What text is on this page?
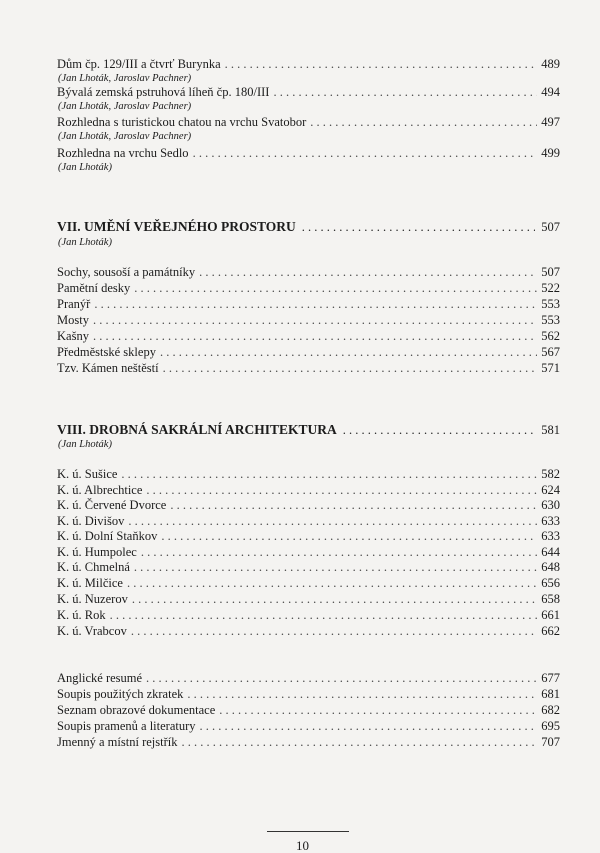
Dům čp. 129/III a čtvrť Burynka . . .	489
(Jan Lhoták, Jaroslav Pachner)
Bývalá zemská pstruhová líheň čp. 180/III . . .	494
(Jan Lhoták, Jaroslav Pachner)
Rozhledna s turistickou chatou na vrchu Svatobor . . .	497
(Jan Lhoták, Jaroslav Pachner)
Rozhledna na vrchu Sedlo . . .	499
(Jan Lhoták)
VII. UMĚNÍ VEŘEJNÉHO PROSTORU . . .	507
(Jan Lhoták)
Sochy, sousoší a památníky . . .	507
Pamětní desky . . .	522
Pranýř . . .	553
Mosty . . .	553
Kašny . . .	562
Předměstské sklepy . . .	567
Tzv. Kámen neštěstí . . .	571
VIII. DROBNÁ SAKRÁLNÍ ARCHITEKTURA . . .	581
(Jan Lhoták)
K. ú. Sušice . . .	582
K. ú. Albrechtice . . .	624
K. ú. Červené Dvorce . . .	630
K. ú. Divišov . . .	633
K. ú. Dolní Staňkov . . .	633
K. ú. Humpolec . . .	644
K. ú. Chmelná . . .	648
K. ú. Milčice . . .	656
K. ú. Nuzerov . . .	658
K. ú. Rok . . .	661
K. ú. Vrabcov . . .	662
Anglické resumé . . .	677
Soupis použitých zkratek . . .	681
Seznam obrazové dokumentace . . .	682
Soupis pramenů a literatury . . .	695
Jmenný a místní rejstřík . . .	707
10
